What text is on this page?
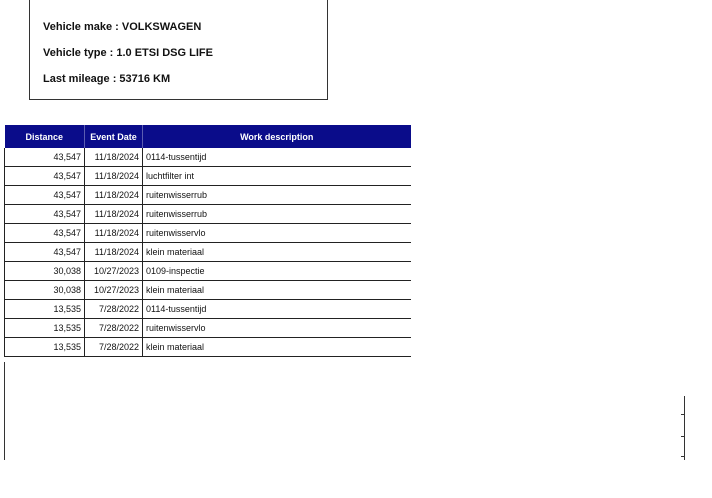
Vehicle make : VOLKSWAGEN
Vehicle type : 1.0 ETSI DSG LIFE
Last mileage : 53716 KM
Distance	Event Date	Work description
43,547	11/18/2024	0114-tussentijd
43,547	11/18/2024	luchtfilter int
43,547	11/18/2024	ruitenwisserrub
43,547	11/18/2024	ruitenwisserrub
43,547	11/18/2024	ruitenwisservlo
43,547	11/18/2024	klein materiaal
30,038	10/27/2023	0109-inspectie
30,038	10/27/2023	klein materiaal
13,535	7/28/2022	0114-tussentijd
13,535	7/28/2022	ruitenwisservlo
13,535	7/28/2022	klein materiaal
